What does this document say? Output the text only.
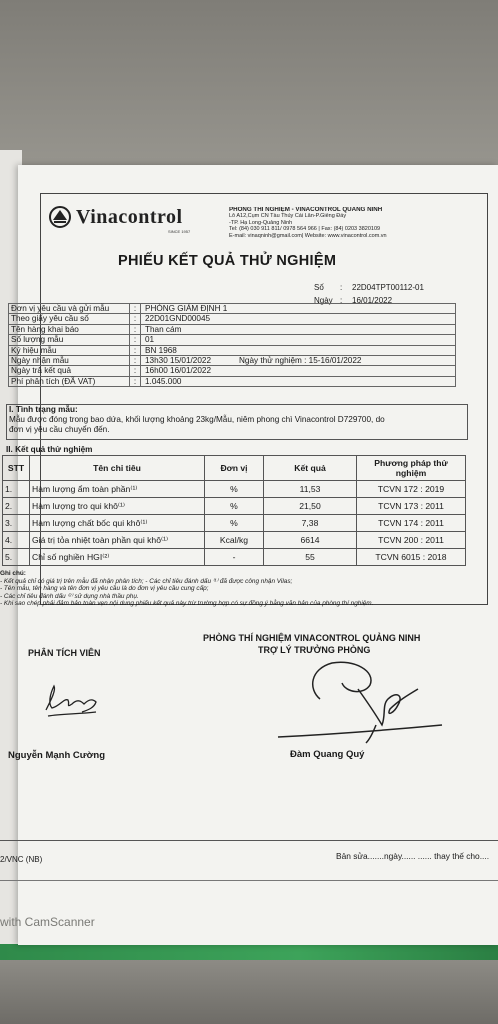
Vinacontrol
SINCE 1957
PHÒNG THÍ NGHIỆM - VINACONTROL QUẢNG NINH
Lô A12,Cụm CN Tàu Thủy Cái Lân-P.Giếng Đáy
-TP. Hạ Long-Quảng Ninh
Tel: (84) 030 911 811/ 0978 564 966 | Fax: (84) 0203 3820109
E-mail: vinaqninh@gmail.com| Website: www.vinacontrol.com.vn
PHIẾU KẾT QUẢ THỬ NGHIỆM
Số : 22D04TPT00112-01
Ngày : 16/01/2022
Đơn vị yêu cầu và gửi mẫu	:	PHÒNG GIÁM ĐỊNH 1
Theo giấy yêu cầu số	:	22D01GND00045
Tên hàng khai báo	:	Than cám
Số lượng mẫu	:	01
Ký hiệu mẫu	:	BN 1968
Ngày nhận mẫu	:	13h30 15/01/2022	Ngày thử nghiệm : 15-16/01/2022
Ngày trả kết quả	:	16h00 16/01/2022
Phí phân tích (ĐÃ VAT)	:	1.045.000
I. Tình trạng mẫu:
Mẫu được đóng trong bao dứa, khối lượng khoảng 23kg/Mẫu, niêm phong chì Vinacontrol D729700, do
đơn vị yêu cầu chuyển đến.
II. Kết quả thử nghiệm
STT	Tên chỉ tiêu	Đơn vị	Kết quả	Phương pháp thử nghiệm
1.	Hàm lượng ẩm toàn phần⁽¹⁾	%	11,53	TCVN 172 : 2019
2.	Hàm lượng tro qui khô⁽¹⁾	%	21,50	TCVN 173 : 2011
3.	Hàm lượng chất bốc qui khô⁽¹⁾	%	7,38	TCVN 174 : 2011
4.	Giá trị tỏa nhiệt toàn phần qui khô⁽¹⁾	Kcal/kg	6614	TCVN 200 : 2011
5.	Chỉ số nghiền HGI⁽²⁾	-	55	TCVN 6015 : 2018
Ghi chú:
- Kết quả chỉ có giá trị trên mẫu đã nhận phân tích; - Các chỉ tiêu đánh dấu ⁽¹⁾ đã được công nhận Vilas;
- Tên mẫu, tên hàng và tên đơn vị yêu cầu là do đơn vị yêu cầu cung cấp;
- Các chỉ tiêu đánh dấu ⁽²⁾ sử dụng nhà thầu phụ.
- Khi sao chép phải đảm bảo toàn vẹn nội dung phiếu kết quả này trừ trường hợp có sự đồng ý bằng văn bản của phòng thí nghiệm.
PHÒNG THÍ NGHIỆM VINACONTROL QUẢNG NINH
TRỢ LÝ TRƯỞNG PHÒNG
PHÂN TÍCH VIÊN
Nguyễn Mạnh Cường	Đàm Quang Quý
2/VNC (NB)	Bản sửa.......ngày...... ...... thay thế cho....
with CamScanner
